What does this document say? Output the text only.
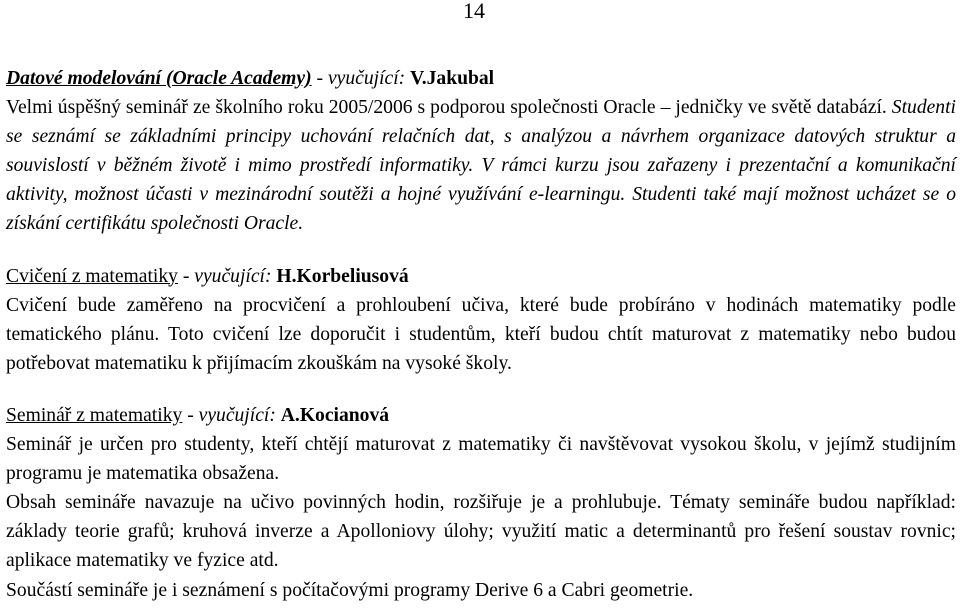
14

Datové modelování (Oracle Academy) - vyučující: V.Jakubal

Velmi úspěšný seminář ze školního roku 2005/2006 s podporou společnosti Oracle – jedničky ve světě databází. Studenti se seznámí se základními principy uchování relačních dat, s analýzou a návrhem organizace datových struktur a souvislostí v běžném životě i mimo prostředí informatiky. V rámci kurzu jsou zařazeny i prezentační a komunikační aktivity, možnost účasti v mezinárodní soutěži a hojné využívání e-learningu. Studenti také mají možnost ucházet se o získání certifikátu společnosti Oracle.

Cvičení z matematiky - vyučující: H.Korbeliusová

Cvičení bude zaměřeno na procvičení a prohloubení učiva, které bude probíráno v hodinách matematiky podle tematického plánu. Toto cvičení lze doporučit i studentům, kteří budou chtít maturovat z matematiky nebo budou potřebovat matematiku k přijímacím zkouškám na vysoké školy.

Seminář z matematiky - vyučující: A.Kocianová

Seminář je určen pro studenty, kteří chtějí maturovat z matematiky či navštěvovat vysokou školu, v jejímž studijním programu je matematika obsažena.

Obsah semináře navazuje na učivo povinných hodin, rozšiřuje je a prohlubuje. Tématy semináře budou například: základy teorie grafů; kruhová inverze a Apolloniovy úlohy; využití matic a determinantů pro řešení soustav rovnic; aplikace matematiky ve fyzice atd.

Součástí semináře je i seznámení s počítačovými programy Derive 6 a Cabri geometrie.
